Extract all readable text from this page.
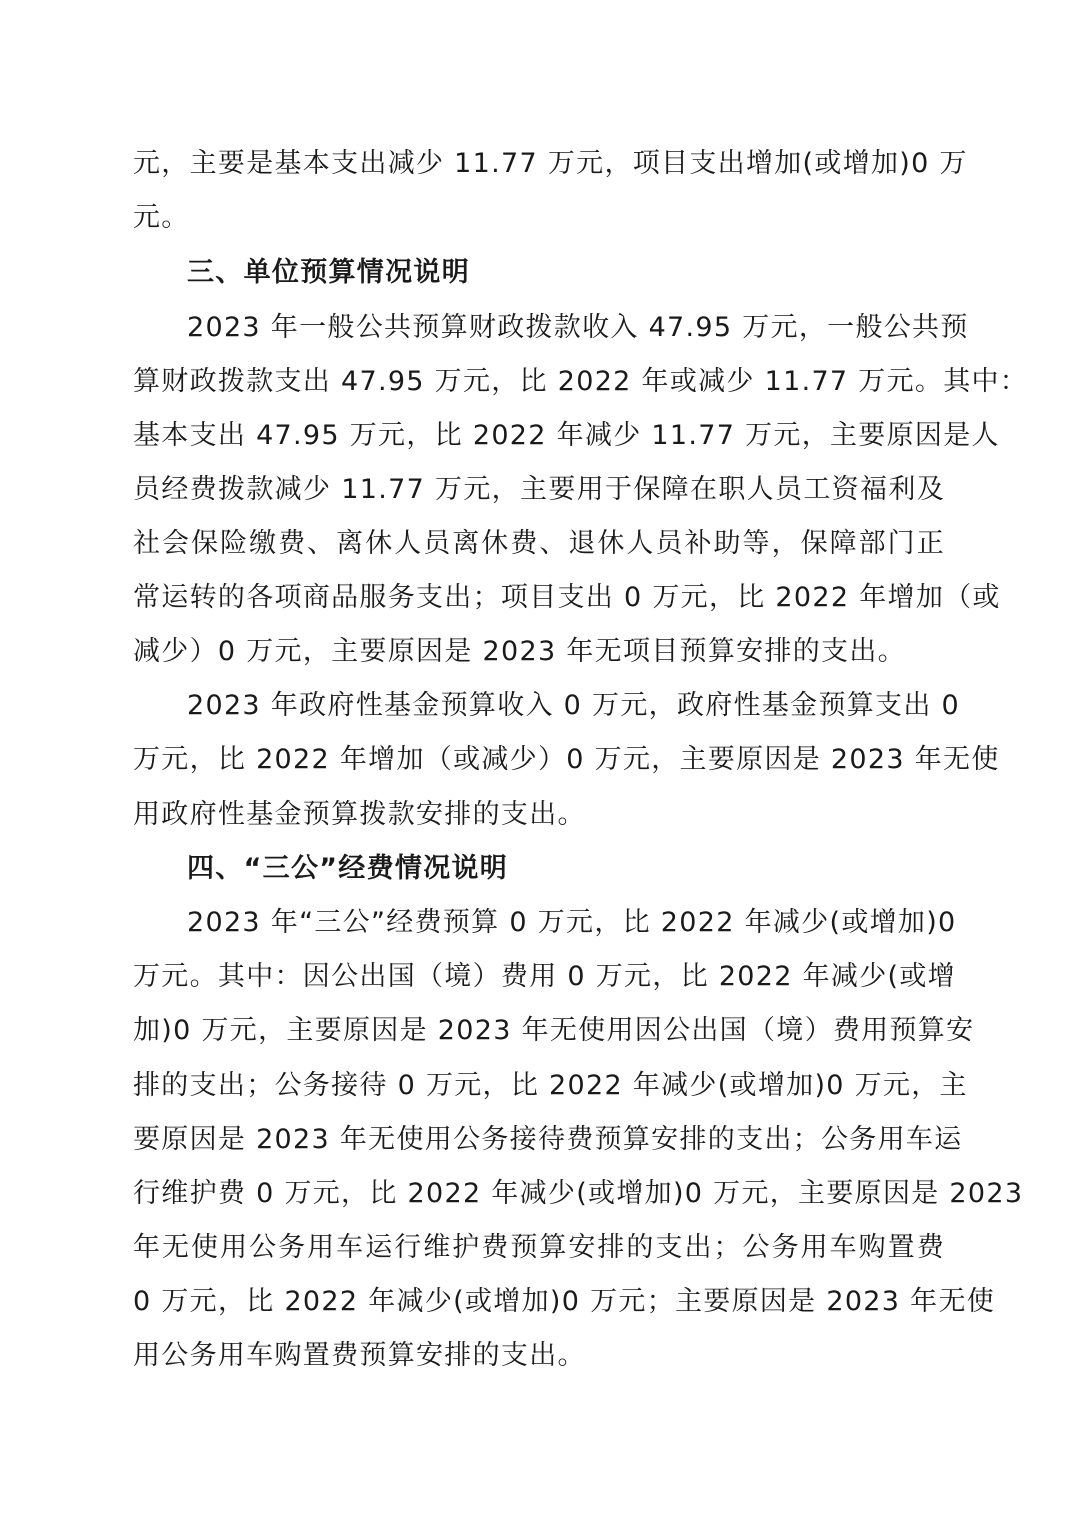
元，主要是基本支出减少 11.77 万元，项目支出增加(或增加)0 万
元。
三、单位预算情况说明
2023 年一般公共预算财政拨款收入 47.95 万元，一般公共预
算财政拨款支出 47.95 万元，比 2022 年或减少 11.77 万元。其中：
基本支出 47.95 万元，比 2022 年减少 11.77 万元，主要原因是人
员经费拨款减少 11.77 万元，主要用于保障在职人员工资福利及
社会保险缴费、离休人员离休费、退休人员补助等，保障部门正
常运转的各项商品服务支出；项目支出 0 万元，比 2022 年增加（或
减少）0 万元，主要原因是 2023 年无项目预算安排的支出。
2023 年政府性基金预算收入 0 万元，政府性基金预算支出 0
万元，比 2022 年增加（或减少）0 万元，主要原因是 2023 年无使
用政府性基金预算拨款安排的支出。
四、“三公”经费情况说明
2023 年“三公”经费预算 0 万元，比 2022 年减少(或增加)0
万元。其中：因公出国（境）费用 0 万元，比 2022 年减少(或增
加)0 万元，主要原因是 2023 年无使用因公出国（境）费用预算安
排的支出；公务接待 0 万元，比 2022 年减少(或增加)0 万元，主
要原因是 2023 年无使用公务接待费预算安排的支出；公务用车运
行维护费 0 万元，比 2022 年减少(或增加)0 万元，主要原因是 2023
年无使用公务用车运行维护费预算安排的支出；公务用车购置费
0 万元，比 2022 年减少(或增加)0 万元；主要原因是 2023 年无使
用公务用车购置费预算安排的支出。
